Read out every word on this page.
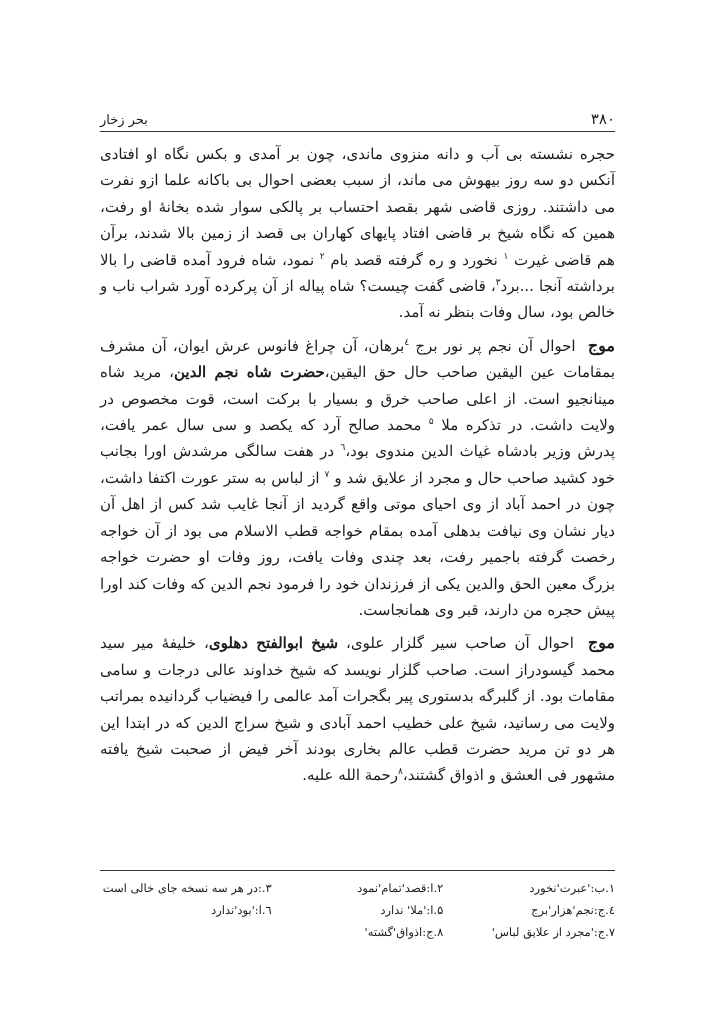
بحر زخار	۳۸۰

حجره نشسته بی آب و دانه منزوی ماندی، چون بر آمدی و بکس نگاه او افتادی آنکس دو سه روز بیهوش می ماند، از سبب بعضی احوال بی باکانه علما ازو نفرت می داشتند. روزی قاضی شهر بقصد احتساب بر پالکی سوار شده بخانهٔ او رفت، همین که نگاه شیخ بر قاضی افتاد پایهای کهاران بی قصد از زمین بالا شدند، برآن هم قاضی غیرت $^۱$ نخورد و ره گرفته قصد بام $^۲$ نمود، شاه فرود آمده قاضی را بالا برداشته آنجا ...برد$^۳$، قاضی گفت چیست؟ شاه پیاله از آن پرکرده آورد شراب ناب و خالص بود، سال وفات بنظر نه آمد.

موج احوال آن نجم پر نور برج $^٤$برهان، آن چراغ فانوس عرش ایوان، آن مشرف بمقامات عین الیقین صاحب حال حق الیقین،حضرت شاه نجم الدین، مرید شاه مینانجیو است. از اعلی صاحب خرق و بسیار با برکت است، قوت مخصوص در ولایت داشت. در تذکره ملا $^۵$ محمد صالح آرد که یکصد و سی سال عمر یافت، پدرش وزیر بادشاه غیاث الدین مندوی بود،$^٦$ در هفت سالگی مرشدش اورا بجانب خود کشید صاحب حال و مجرد از علایق شد و $^۷$ از لباس به ستر عورت اکتفا داشت، چون در احمد آباد از وی احیای موتی واقع گردید از آنجا غایب شد کس از اهل آن دیار نشان وی نیافت بدهلی آمده بمقام خواجه قطب الاسلام می بود از آن خواجه رخصت گرفته باجمیر رفت، بعد چندی وفات یافت، روز وفات او حضرت خواجه بزرگ معین الحق والدین یکی از فرزندان خود را فرمود نجم الدین که وفات کند اورا پیش حجره من دارند، قبر وی همانجاست.

موج احوال آن صاحب سیر گلزار علوی، شیخ ابوالفتح دهلوی، خلیفهٔ میر سید محمد گیسودراز است. صاحب گلزار نویسد که شیخ خداوند عالی درجات و سامی مقامات بود. از گلبرگه بدستوری پیر بگجرات آمد عالمی را فیضیاب گردانیده بمراتب ولایت می رسانید، شیخ علی خطیب احمد آبادی و شیخ سراج الدین که در ابتدا این هر دو تن مرید حضرت قطب عالم بخاری بودند آخر فیض از صحبت شیخ یافته مشهور فی العشق و اذواق گشتند،$^۸$رحمة الله علیه.

۱.ب:'عبرت'نخورد
۲.ا:قصد'تمام'نمود
۳.:در هر سه نسخه جای خالی است
٤.ج:نجم'هزار'برج
۵.ا:'ملا' ندارد
٦.ا:'بود'ندارد
۷.ج:'مجرد از علایق لباس'
۸.ج:اذواق'گشته'
